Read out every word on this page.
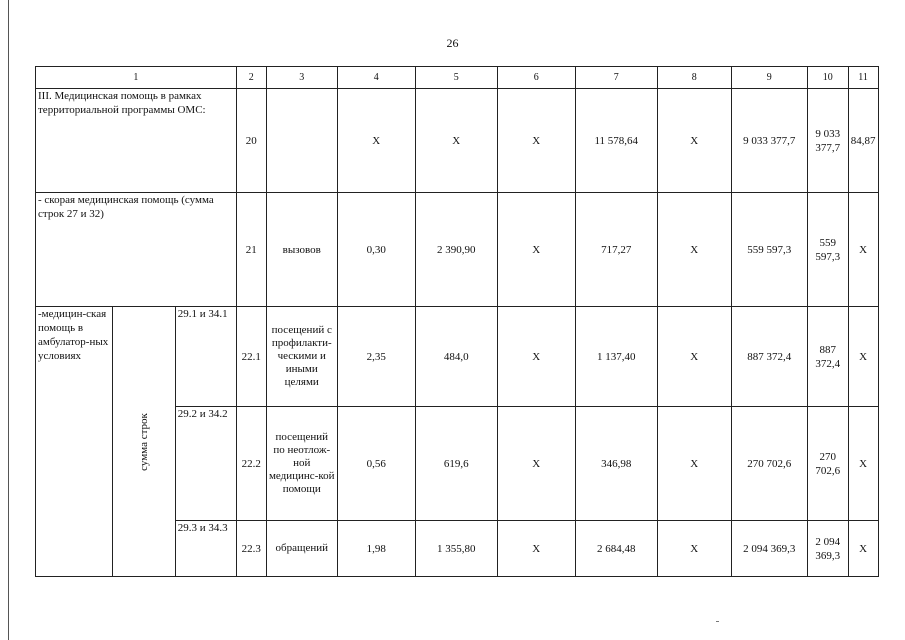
26
1			2	3	4	5	6	7	8	9	10	11
III. Медицинская помощь в рамках территориальной программы ОМС:			20		X	X	X	11 578,64	X	9 033 377,7	9 033 377,7	84,87
- скорая медицинская помощь (сумма строк 27 и 32)			21	вызовов	0,30	2 390,90	X	717,27	X	559 597,3	559 597,3	X
-медицин-ская помощь в амбулатор-ных условиях	сумма строк	29.1 и 34.1	22.1	посещений с профилакти-ческими и иными целями	2,35	484,0	X	1 137,40	X	887 372,4	887 372,4	X
		29.2 и 34.2	22.2	посещений по неотлож-ной медицинс-кой помощи	0,56	619,6	X	346,98	X	270 702,6	270 702,6	X
		29.3 и 34.3	22.3	обращений	1,98	1 355,80	X	2 684,48	X	2 094 369,3	2 094 369,3	X
